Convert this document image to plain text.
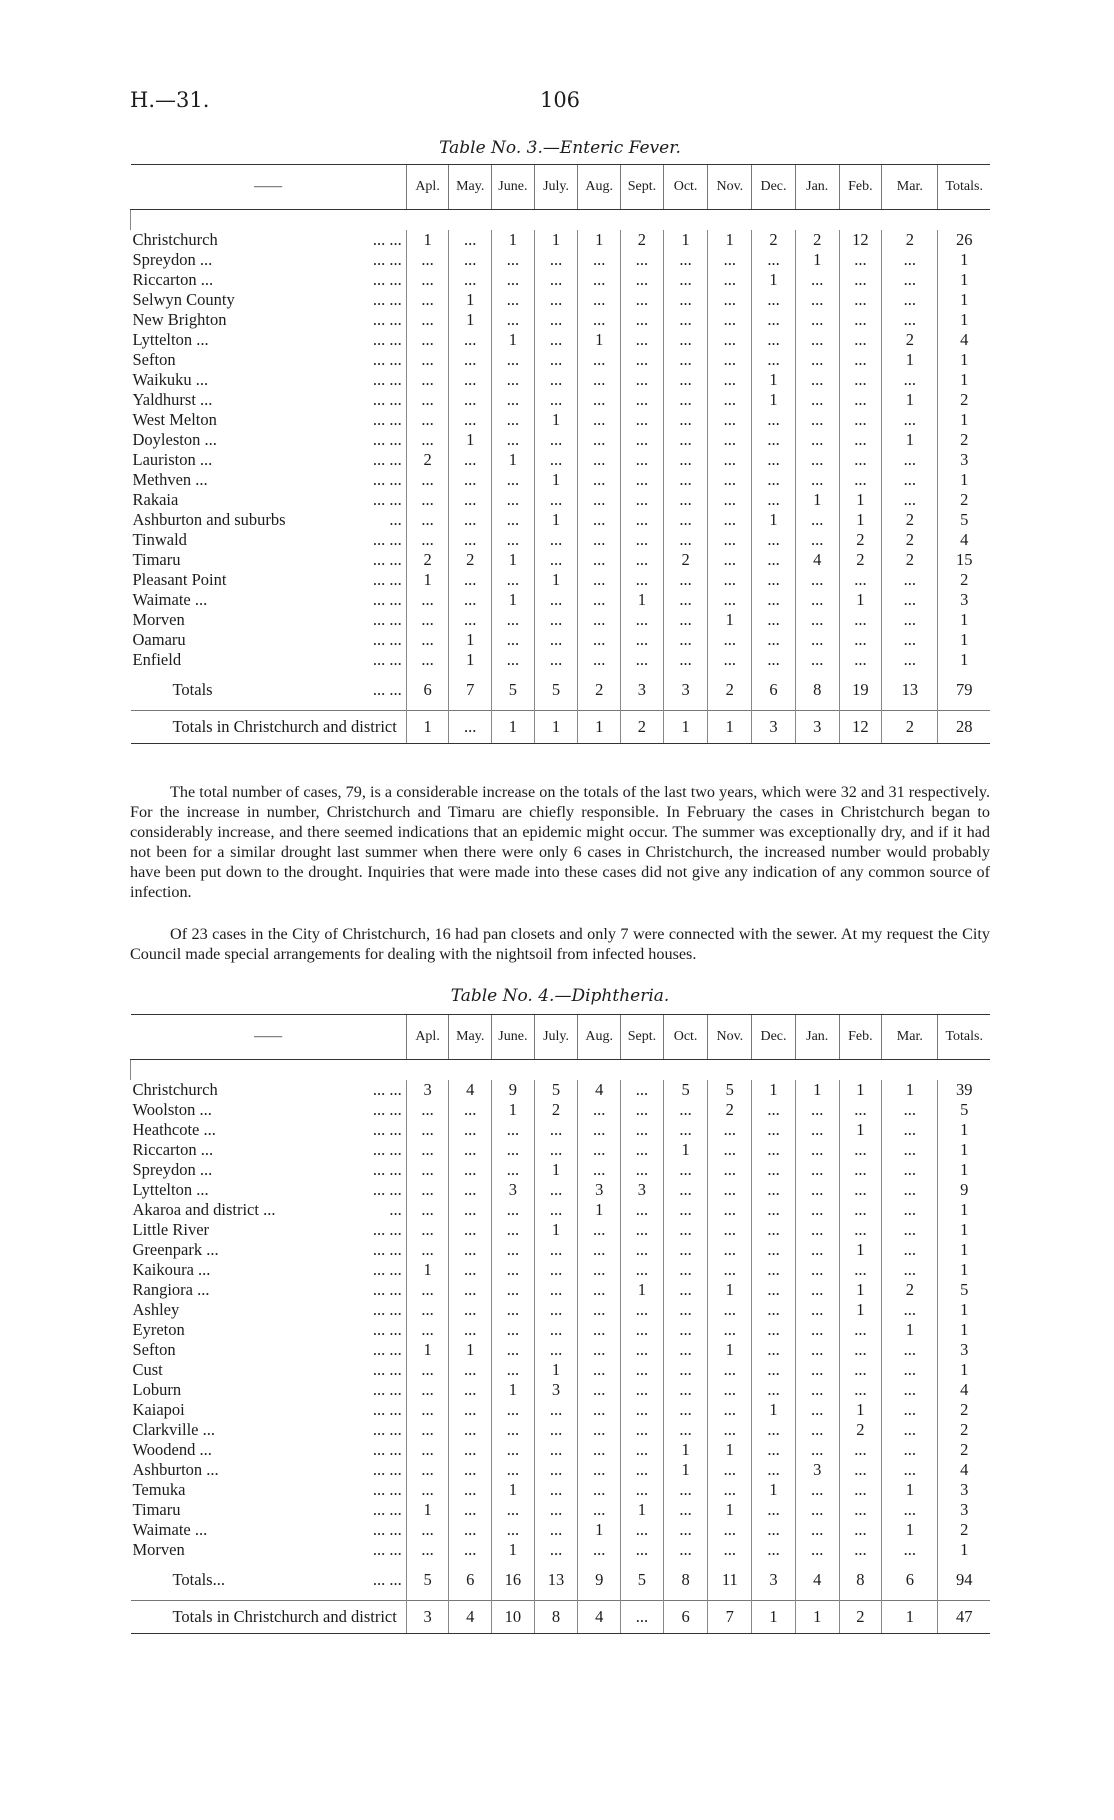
H.—31.	106
Table No. 3.—Enteric Fever.
——	Apl.	May.	June.	July.	Aug.	Sept.	Oct.	Nov.	Dec.	Jan.	Feb.	Mar.	Totals.

Christchurch ... ...	1	...	1	1	1	2	1	1	2	2	12	2	26
Spreydon ... ... ...	...	...	...	...	...	...	...	...	...	1	...	...	1
Riccarton ... ... ...	...	...	...	...	...	...	...	...	1	...	...	...	1
Selwyn County ... ...	...	1	...	...	...	...	...	...	...	...	...	...	1
New Brighton ... ...	...	1	...	...	...	...	...	...	...	...	...	...	1
Lyttelton ... ... ...	...	...	1	...	1	...	...	...	...	...	...	2	4
Sefton ... ...	...	...	...	...	...	...	...	...	...	...	...	1	1
Waikuku ... ... ...	...	...	...	...	...	...	...	...	1	...	...	...	1
Yaldhurst ... ... ...	...	...	...	...	...	...	...	...	1	...	...	1	2
West Melton ... ...	...	...	...	1	...	...	...	...	...	...	...	...	1
Doyleston ... ... ...	...	1	...	...	...	...	...	...	...	...	...	1	2
Lauriston ... ... ...	2	...	1	...	...	...	...	...	...	...	...	...	3
Methven ... ... ...	...	...	...	1	...	...	...	...	...	...	...	...	1
Rakaia ... ...	...	...	...	...	...	...	...	...	...	1	1	...	2
Ashburton and suburbs ...	...	...	...	1	...	...	...	...	1	...	1	2	5
Tinwald ... ...	...	...	...	...	...	...	...	...	...	...	2	2	4
Timaru ... ...	2	2	1	...	...	...	2	...	...	4	2	2	15
Pleasant Point ... ...	1	...	...	1	...	...	...	...	...	...	...	...	2
Waimate ... ... ...	...	...	1	...	...	1	...	...	...	...	1	...	3
Morven ... ...	...	...	...	...	...	...	...	1	...	...	...	...	1
Oamaru ... ...	...	1	...	...	...	...	...	...	...	...	...	...	1
Enfield ... ...	...	1	...	...	...	...	...	...	...	...	...	...	1
Totals ... ...	6	7	5	5	2	3	3	2	6	8	19	13	79
Totals in Christchurch and district	1	...	1	1	1	2	1	1	3	3	12	2	28
The total number of cases, 79, is a considerable increase on the totals of the last two years, which were 32 and 31 respectively. For the increase in number, Christchurch and Timaru are chiefly responsible. In February the cases in Christchurch began to considerably increase, and there seemed indications that an epidemic might occur. The summer was exceptionally dry, and if it had not been for a similar drought last summer when there were only 6 cases in Christchurch, the increased number would probably have been put down to the drought. Inquiries that were made into these cases did not give any indication of any common source of infection.
Of 23 cases in the City of Christchurch, 16 had pan closets and only 7 were connected with the sewer. At my request the City Council made special arrangements for dealing with the nightsoil from infected houses.
Table No. 4.—Diphtheria.
——	Apl.	May.	June.	July.	Aug.	Sept.	Oct.	Nov.	Dec.	Jan.	Feb.	Mar.	Totals.

Christchurch ... ...	3	4	9	5	4	...	5	5	1	1	1	1	39
Woolston ... ... ...	...	...	1	2	...	...	...	2	...	...	...	...	5
Heathcote ... ... ...	...	...	...	...	...	...	...	...	...	...	1	...	1
Riccarton ... ... ...	...	...	...	...	...	...	1	...	...	...	...	...	1
Spreydon ... ... ...	...	...	...	1	...	...	...	...	...	...	...	...	1
Lyttelton ... ... ...	...	...	3	...	3	3	...	...	...	...	...	...	9
Akaroa and district ... ...	...	...	...	...	1	...	...	...	...	...	...	...	1
Little River ... ...	...	...	...	1	...	...	...	...	...	...	...	...	1
Greenpark ... ... ...	...	...	...	...	...	...	...	...	...	...	1	...	1
Kaikoura ... ... ...	1	...	...	...	...	...	...	...	...	...	...	...	1
Rangiora ... ... ...	...	...	...	...	...	1	...	1	...	...	1	2	5
Ashley ... ...	...	...	...	...	...	...	...	...	...	...	1	...	1
Eyreton ... ...	...	...	...	...	...	...	...	...	...	...	...	1	1
Sefton ... ...	1	1	...	...	...	...	...	1	...	...	...	...	3
Cust ... ...	...	...	...	1	...	...	...	...	...	...	...	...	1
Loburn ... ...	...	...	1	3	...	...	...	...	...	...	...	...	4
Kaiapoi ... ...	...	...	...	...	...	...	...	...	1	...	1	...	2
Clarkville ... ... ...	...	...	...	...	...	...	...	...	...	...	2	...	2
Woodend ... ... ...	...	...	...	...	...	...	1	1	...	...	...	...	2
Ashburton ... ... ...	...	...	...	...	...	...	1	...	...	3	...	...	4
Temuka ... ...	...	...	1	...	...	...	...	...	1	...	...	1	3
Timaru ... ...	1	...	...	...	...	1	...	1	...	...	...	...	3
Waimate ... ... ...	...	...	...	...	1	...	...	...	...	...	...	1	2
Morven ... ...	...	...	1	...	...	...	...	...	...	...	...	...	1
Totals... ... ...	5	6	16	13	9	5	8	11	3	4	8	6	94
Totals in Christchurch and district	3	4	10	8	4	...	6	7	1	1	2	1	47
